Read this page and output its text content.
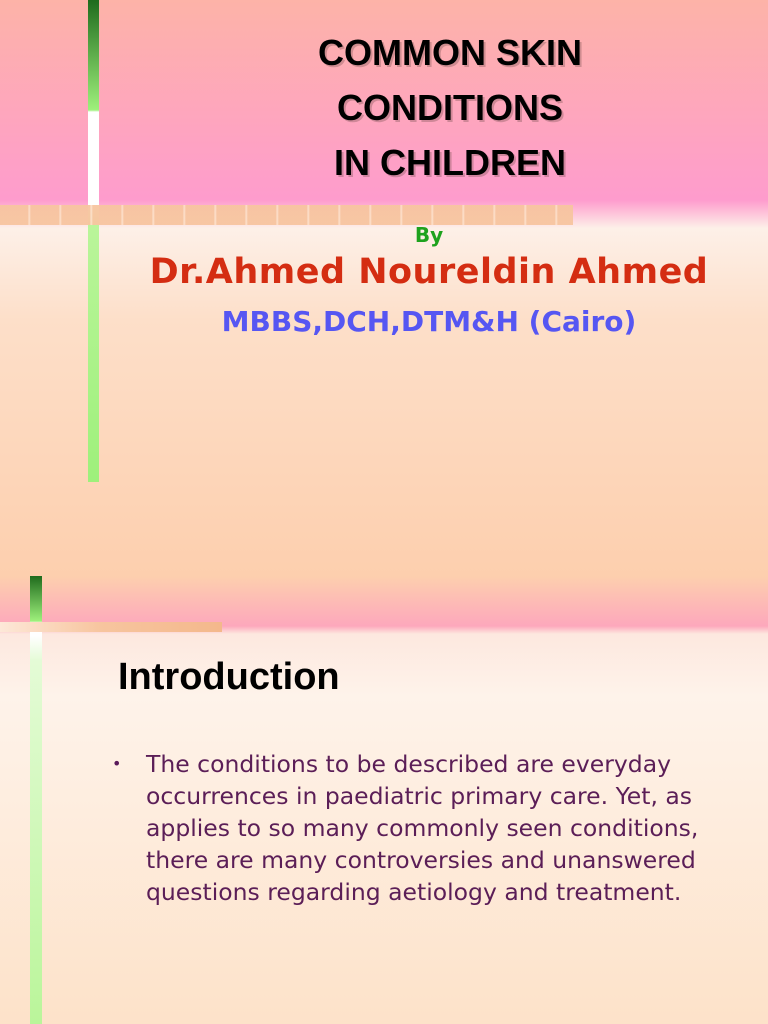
COMMON SKIN
CONDITIONS
IN CHILDREN
By
Dr.Ahmed Noureldin Ahmed
MBBS,DCH,DTM&H (Cairo)
Introduction
•	The conditions to be described are everyday occurrences in paediatric primary care. Yet, as applies to so many commonly seen conditions, there are many controversies and unanswered questions regarding aetiology and treatment.
